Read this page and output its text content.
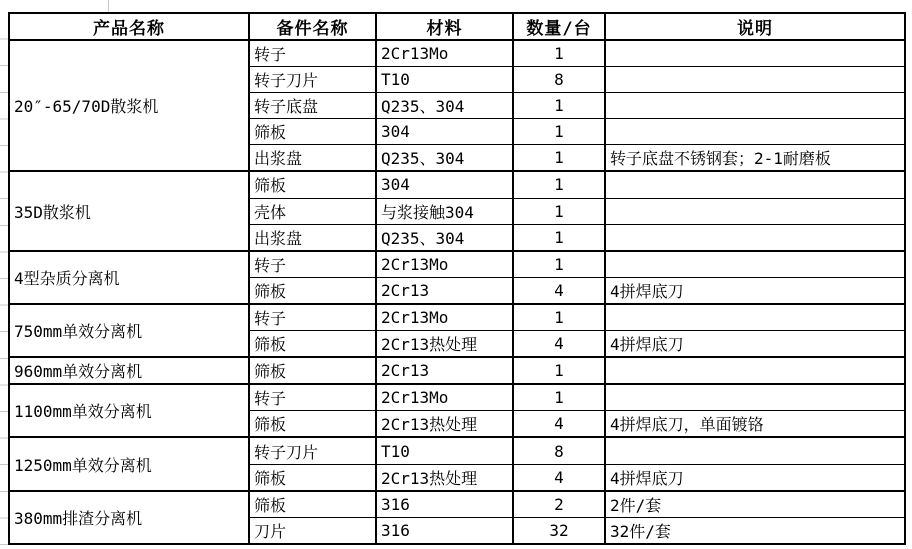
产品名称	备件名称	材料	数量/台	说明
20″-65/70D散浆机	转子	2Cr13Mo	1	
	转子刀片	T10	8	
	转子底盘	Q235、304	1	
	筛板	304	1	
	出浆盘	Q235、304	1	转子底盘不锈钢套；2-1耐磨板
35D散浆机	筛板	304	1	
	壳体	与浆接触304	1	
	出浆盘	Q235、304	1	
4型杂质分离机	转子	2Cr13Mo	1	
	筛板	2Cr13	4	4拼焊底刀
750mm单效分离机	转子	2Cr13Mo	1	
	筛板	2Cr13热处理	4	4拼焊底刀
960mm单效分离机	筛板	2Cr13	1	
1100mm单效分离机	转子	2Cr13Mo	1	
	筛板	2Cr13热处理	4	4拼焊底刀，单面镀铬
1250mm单效分离机	转子刀片	T10	8	
	筛板	2Cr13热处理	4	4拼焊底刀
380mm排渣分离机	筛板	316	2	2件/套
	刀片	316	32	32件/套
